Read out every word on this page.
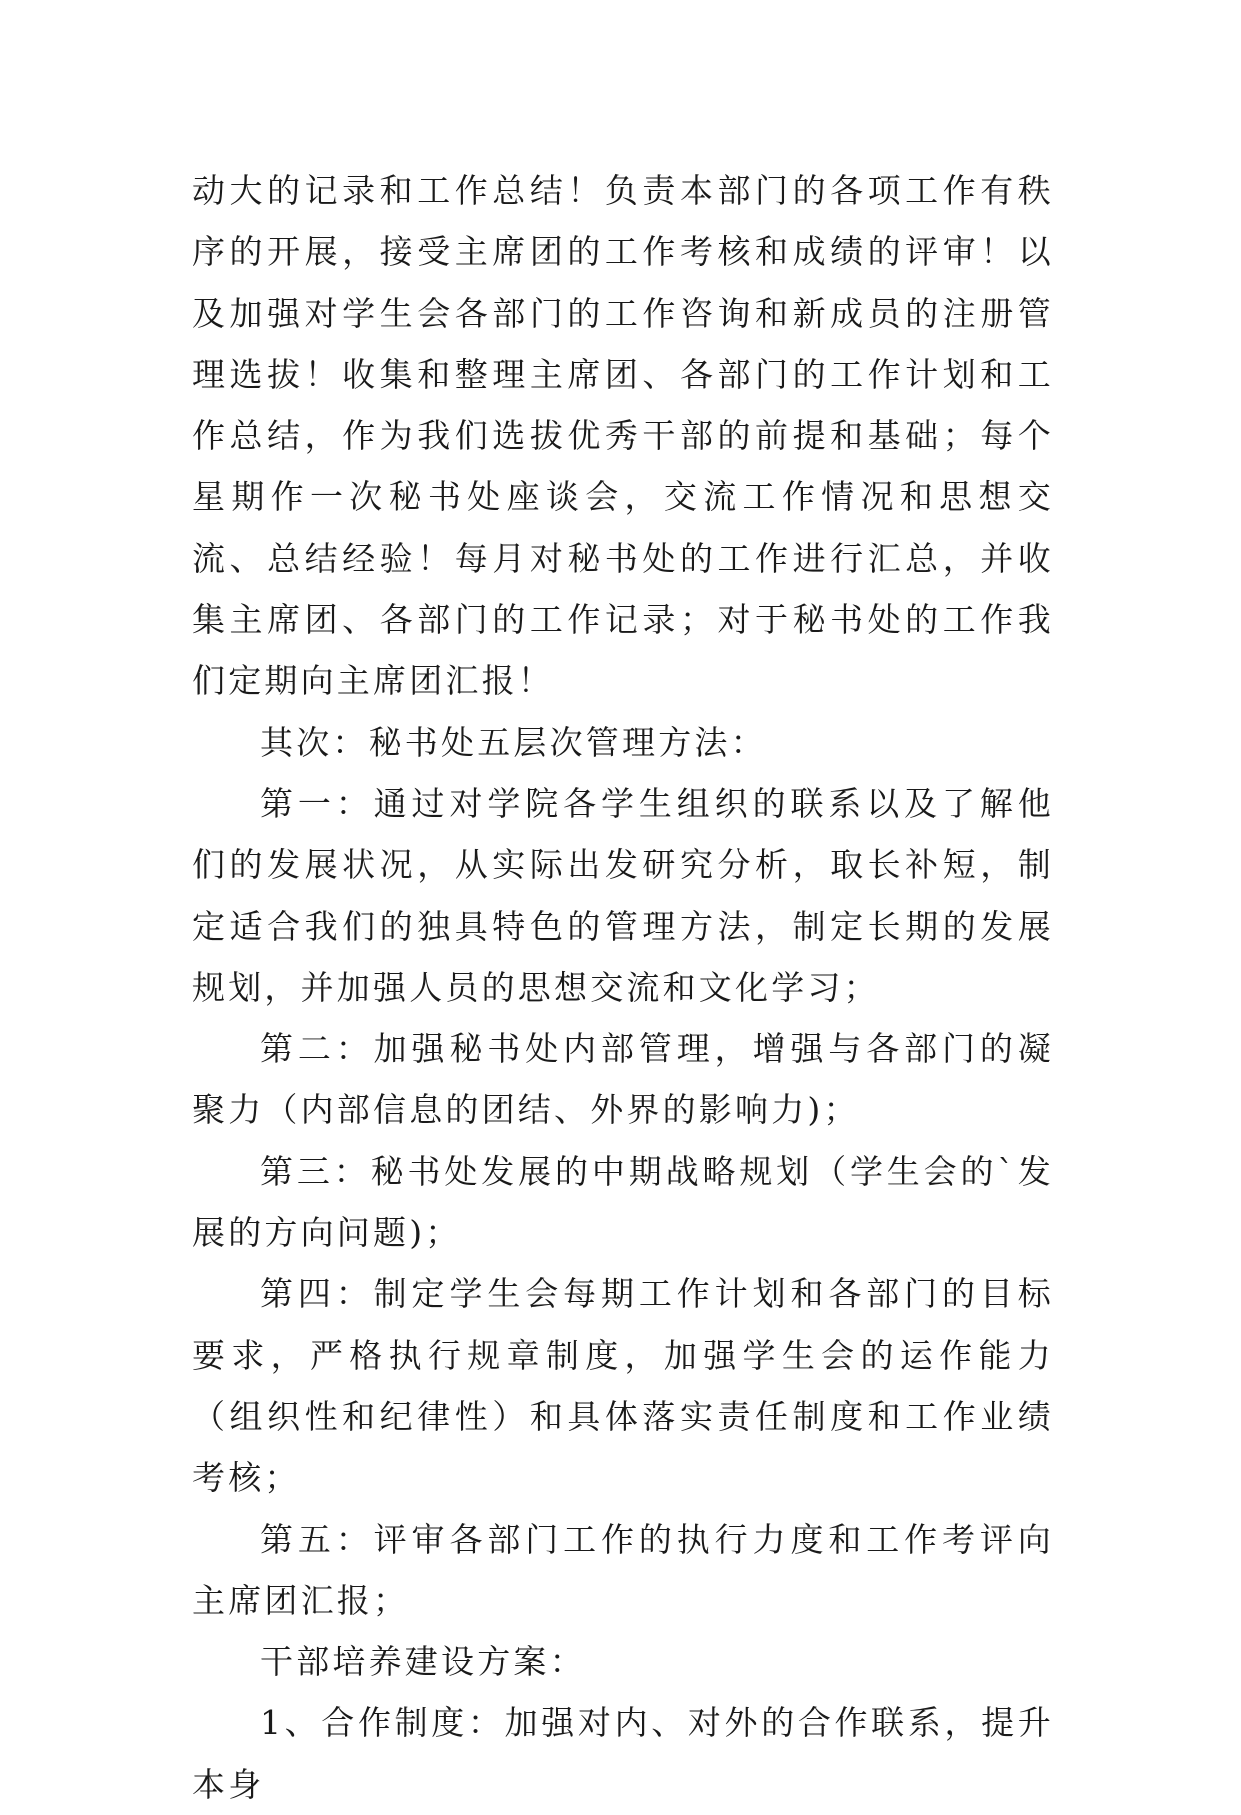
动大的记录和工作总结！负责本部门的各项工作有秩序的开展，接受主席团的工作考核和成绩的评审！以及加强对学生会各部门的工作咨询和新成员的注册管理选拔！收集和整理主席团、各部门的工作计划和工作总结，作为我们选拔优秀干部的前提和基础；每个星期作一次秘书处座谈会，交流工作情况和思想交流、总结经验！每月对秘书处的工作进行汇总，并收集主席团、各部门的工作记录；对于秘书处的工作我们定期向主席团汇报！

其次：秘书处五层次管理方法：

第一：通过对学院各学生组织的联系以及了解他们的发展状况，从实际出发研究分析，取长补短，制定适合我们的独具特色的管理方法，制定长期的发展规划，并加强人员的思想交流和文化学习；

第二：加强秘书处内部管理，增强与各部门的凝聚力（内部信息的团结、外界的影响力)；

第三：秘书处发展的中期战略规划（学生会的`发展的方向问题)；

第四：制定学生会每期工作计划和各部门的目标要求，严格执行规章制度，加强学生会的运作能力（组织性和纪律性）和具体落实责任制度和工作业绩考核；

第五：评审各部门工作的执行力度和工作考评向主席团汇报；

干部培养建设方案：

1、合作制度：加强对内、对外的合作联系，提升本身
